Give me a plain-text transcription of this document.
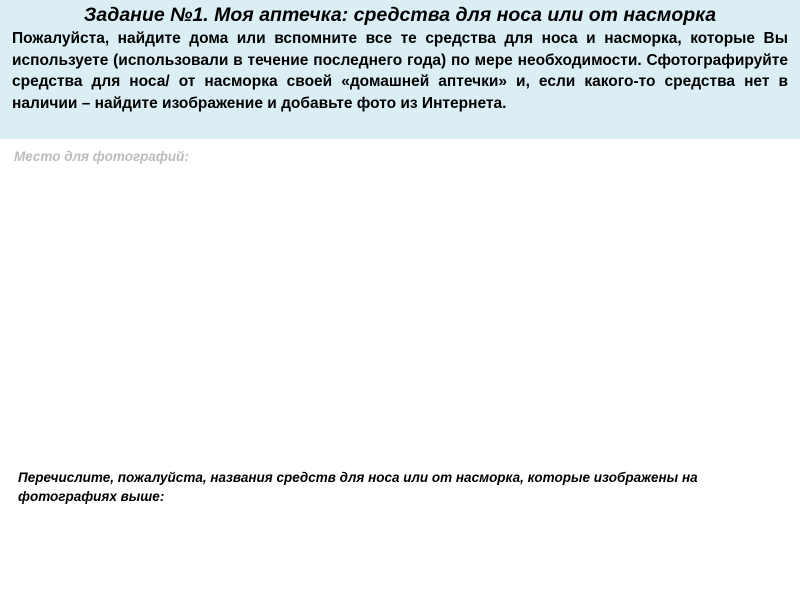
Задание №1. Моя аптечка: средства для носа или от насморка

Пожалуйста, найдите дома или вспомните все те средства для носа и насморка, которые Вы используете (использовали в течение последнего года) по мере необходимости. Сфотографируйте средства для носа/ от насморка своей «домашней аптечки» и, если какого-то средства нет в наличии – найдите изображение и добавьте фото из Интернета.

Место для фотографий:

Перечислите, пожалуйста, названия средств для носа или от насморка, которые изображены на фотографиях выше:
